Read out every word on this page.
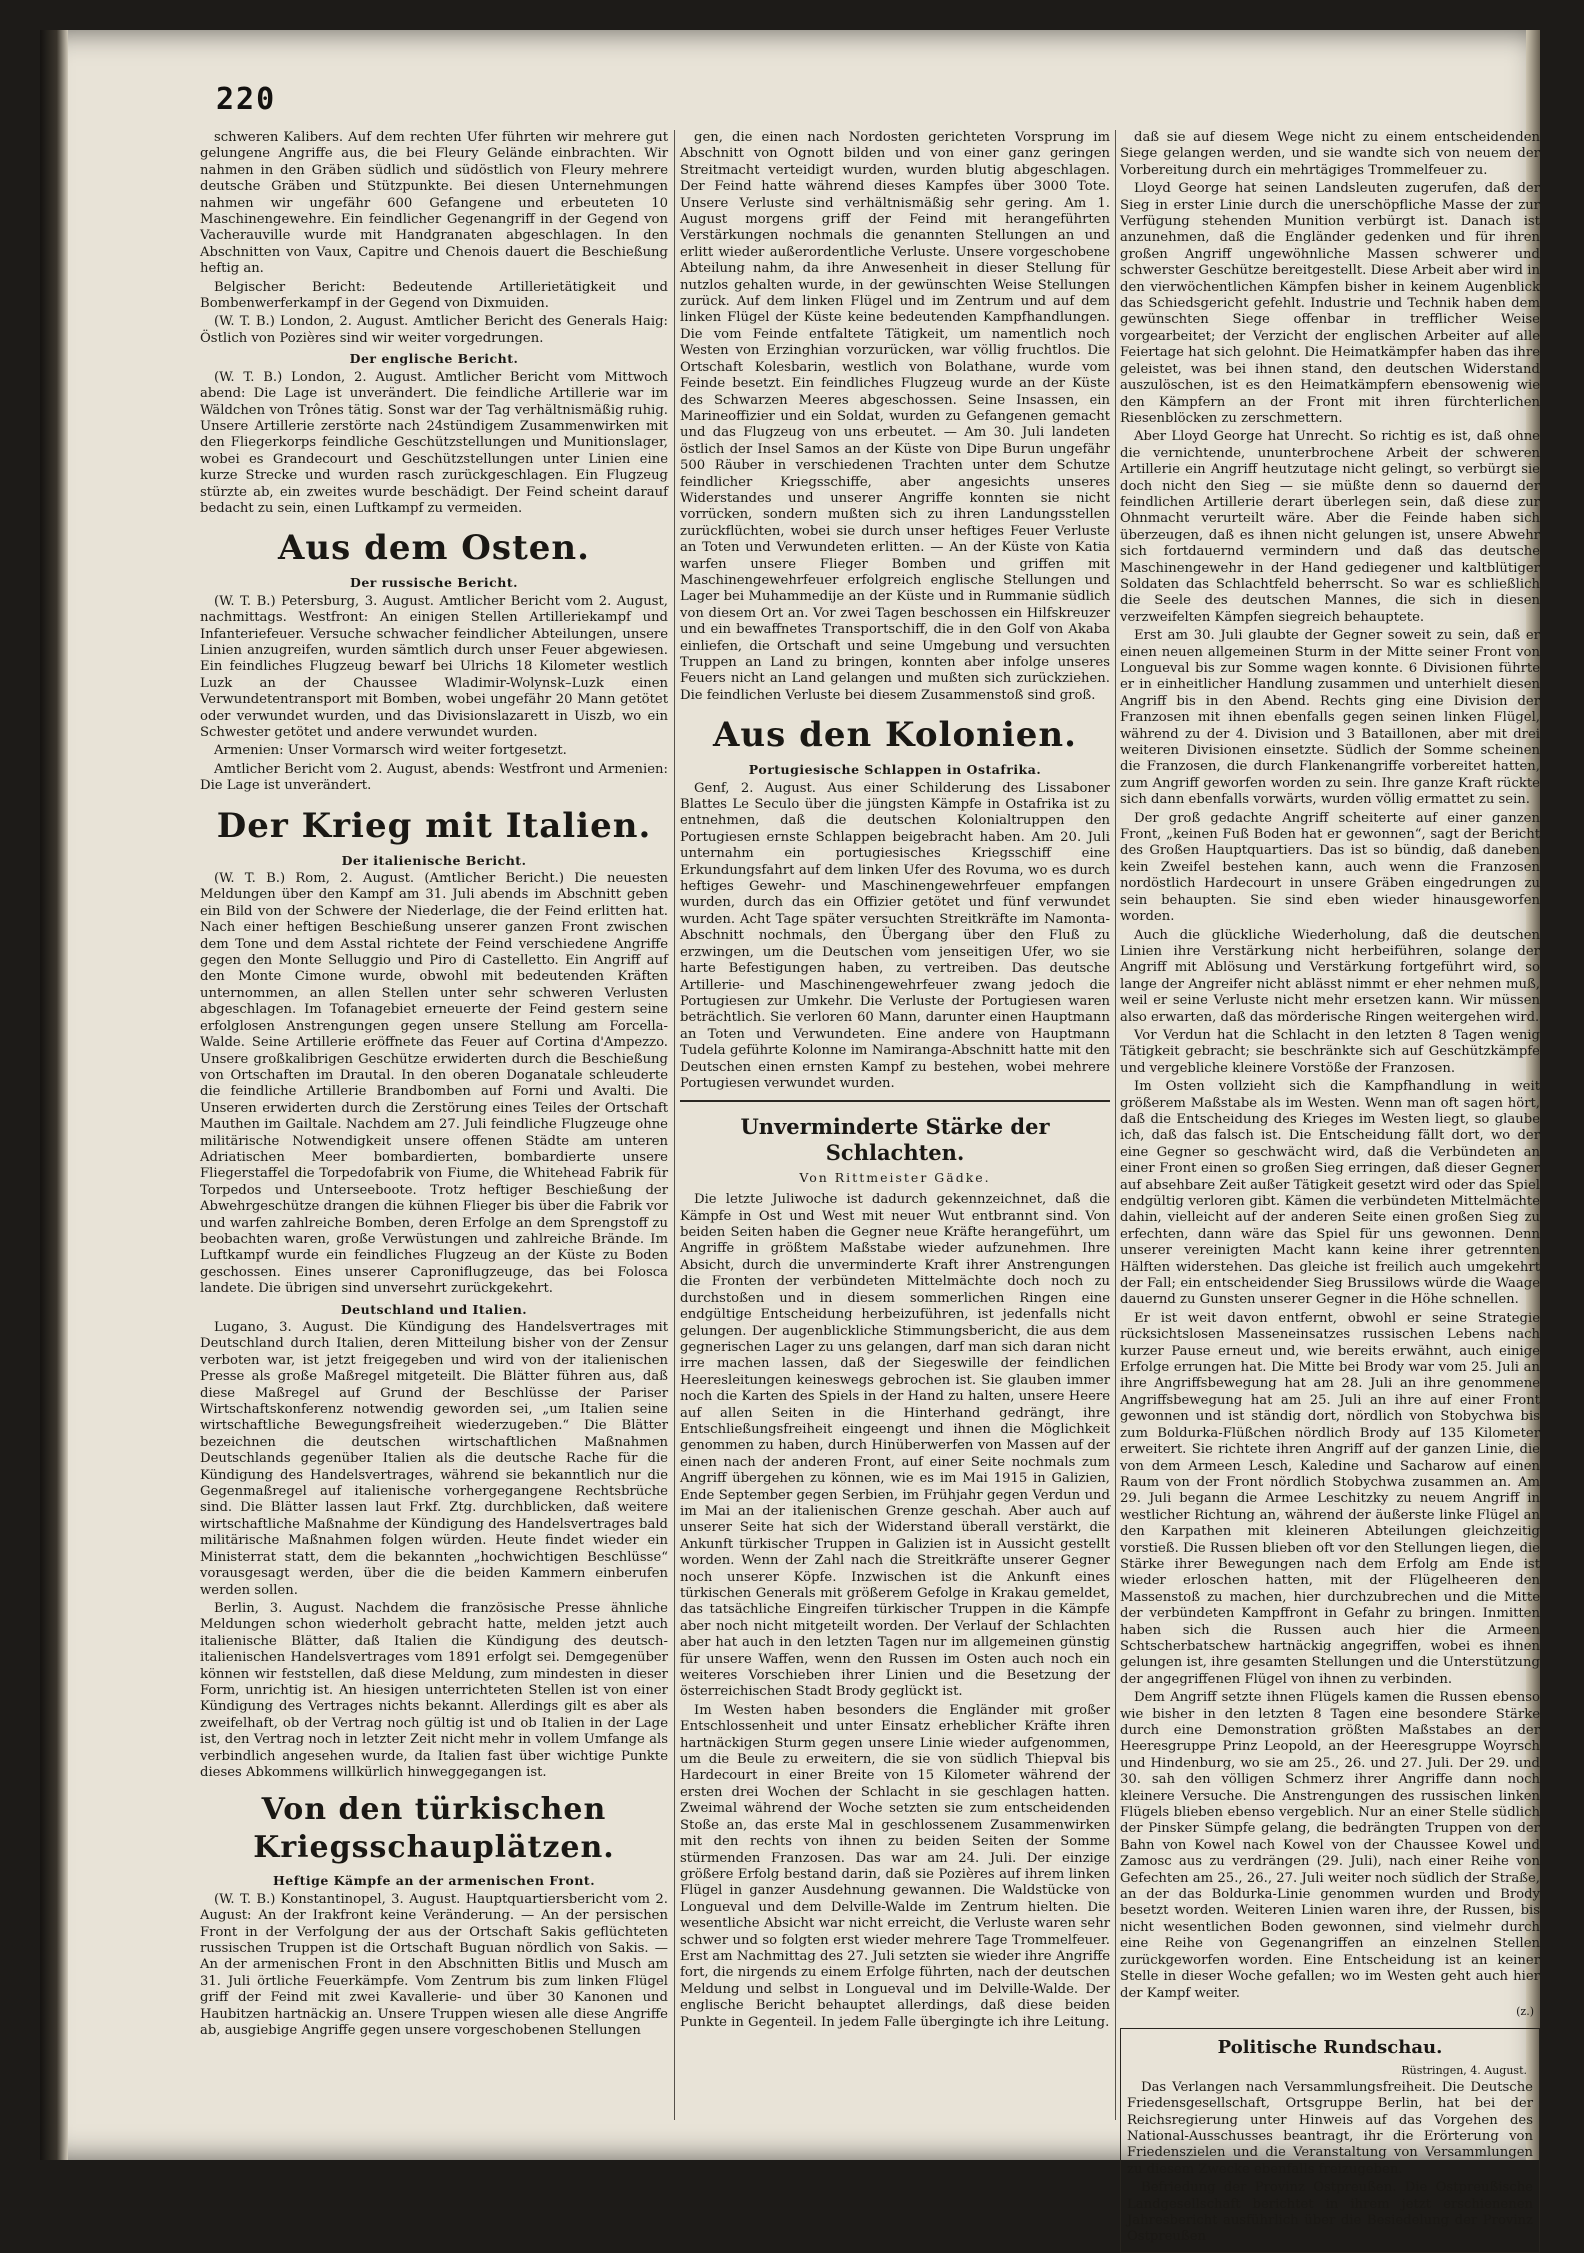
220

schweren Kalibers. Auf dem rechten Ufer führten wir mehrere gut gelungene Angriffe aus, die bei Fleury Gelände einbrachten. Wir nahmen in den Gräben südlich und südöstlich von Fleury mehrere deutsche Gräben und Stützpunkte. Bei diesen Unternehmungen nahmen wir ungefähr 600 Gefangene und erbeuteten 10 Maschinengewehre. Ein feindlicher Gegenangriff in der Gegend von Vacherauville wurde mit Handgranaten abgeschlagen. In den Abschnitten von Vaux, Capitre und Chenois dauert die Beschießung heftig an.

Belgischer Bericht: Bedeutende Artillerietätigkeit und Bombenwerferkampf in der Gegend von Dixmuiden.

(W. T. B.) London, 2. August. Amtlicher Bericht des Generals Haig: Östlich von Pozières sind wir weiter vorgedrungen.

Der englische Bericht.

(W. T. B.) London, 2. August. Amtlicher Bericht vom Mittwoch abend: Die Lage ist unverändert. Die feindliche Artillerie war im Wäldchen von Trônes tätig. Sonst war der Tag verhältnismäßig ruhig. Unsere Artillerie zerstörte nach 24stündigem Zusammenwirken mit den Fliegerkorps feindliche Geschützstellungen und Munitionslager, wobei es Grandecourt und Geschützstellungen unter Linien eine kurze Strecke und wurden rasch zurückgeschlagen. Ein Flugzeug stürzte ab, ein zweites wurde beschädigt. Der Feind scheint darauf bedacht zu sein, einen Luftkampf zu vermeiden.

Aus dem Osten.
Der russische Bericht.

(W. T. B.) Petersburg, 3. August. Amtlicher Bericht vom 2. August, nachmittags. Westfront: An einigen Stellen Artilleriekampf und Infanteriefeuer. Versuche schwacher feindlicher Abteilungen, unsere Linien anzugreifen, wurden sämtlich durch unser Feuer abgewiesen. Ein feindliches Flugzeug bewarf bei Ulrichs 18 Kilometer westlich Luzk an der Chaussee Wladimir-Wolynsk–Luzk einen Verwundetentransport mit Bomben, wobei ungefähr 20 Mann getötet oder verwundet wurden, und das Divisionslazarett in Uiszb, wo ein Schwester getötet und andere verwundet wurden.

Armenien: Unser Vormarsch wird weiter fortgesetzt.

Amtlicher Bericht vom 2. August, abends: Westfront und Armenien: Die Lage ist unverändert.

Der Krieg mit Italien.
Der italienische Bericht.

(W. T. B.) Rom, 2. August. (Amtlicher Bericht.) Die neuesten Meldungen über den Kampf am 31. Juli abends im Abschnitt geben ein Bild von der Schwere der Niederlage, die der Feind erlitten hat. Nach einer heftigen Beschießung unserer ganzen Front zwischen dem Tone und dem Asstal richtete der Feind verschiedene Angriffe gegen den Monte Selluggio und Piro di Castelletto. Ein Angriff auf den Monte Cimone wurde, obwohl mit bedeutenden Kräften unternommen, an allen Stellen unter sehr schweren Verlusten abgeschlagen. Im Tofanagebiet erneuerte der Feind gestern seine erfolglosen Anstrengungen gegen unsere Stellung am Forcella-Walde. Seine Artillerie eröffnete das Feuer auf Cortina d'Ampezzo. Unsere großkalibrigen Geschütze erwiderten durch die Beschießung von Ortschaften im Drautal. In den oberen Doganatale schleuderte die feindliche Artillerie Brandbomben auf Forni und Avalti. Die Unseren erwiderten durch die Zerstörung eines Teiles der Ortschaft Mauthen im Gailtale. Nachdem am 27. Juli feindliche Flugzeuge ohne militärische Notwendigkeit unsere offenen Städte am unteren Adriatischen Meer bombardierten, bombardierte unsere Fliegerstaffel die Torpedofabrik von Fiume, die Whitehead Fabrik für Torpedos und Unterseeboote. Trotz heftiger Beschießung der Abwehrgeschütze drangen die kühnen Flieger bis über die Fabrik vor und warfen zahlreiche Bomben, deren Erfolge an dem Sprengstoff zu beobachten waren, große Verwüstungen und zahlreiche Brände. Im Luftkampf wurde ein feindliches Flugzeug an der Küste zu Boden geschossen. Eines unserer Caproniflugzeuge, das bei Folosca landete. Die übrigen sind unversehrt zurückgekehrt.

Deutschland und Italien.

Lugano, 3. August. Die Kündigung des Handelsvertrages mit Deutschland durch Italien, deren Mitteilung bisher von der Zensur verboten war, ist jetzt freigegeben und wird von der italienischen Presse als große Maßregel mitgeteilt. Die Blätter führen aus, daß diese Maßregel auf Grund der Beschlüsse der Pariser Wirtschaftskonferenz notwendig geworden sei, „um Italien seine wirtschaftliche Bewegungsfreiheit wiederzugeben.“ Die Blätter bezeichnen die deutschen wirtschaftlichen Maßnahmen Deutschlands gegenüber Italien als die deutsche Rache für die Kündigung des Handelsvertrages, während sie bekanntlich nur die Gegenmaßregel auf italienische vorhergegangene Rechtsbrüche sind. Die Blätter lassen laut Frkf. Ztg. durchblicken, daß weitere wirtschaftliche Maßnahme der Kündigung des Handelsvertrages bald militärische Maßnahmen folgen würden. Heute findet wieder ein Ministerrat statt, dem die bekannten „hochwichtigen Beschlüsse“ vorausgesagt werden, über die die beiden Kammern einberufen werden sollen.

Berlin, 3. August. Nachdem die französische Presse ähnliche Meldungen schon wiederholt gebracht hatte, melden jetzt auch italienische Blätter, daß Italien die Kündigung des deutsch-italienischen Handelsvertrages vom 1891 erfolgt sei. Demgegenüber können wir feststellen, daß diese Meldung, zum mindesten in dieser Form, unrichtig ist. An hiesigen unterrichteten Stellen ist von einer Kündigung des Vertrages nichts bekannt. Allerdings gilt es aber als zweifelhaft, ob der Vertrag noch gültig ist und ob Italien in der Lage ist, den Vertrag noch in letzter Zeit nicht mehr in vollem Umfange als verbindlich angesehen wurde, da Italien fast über wichtige Punkte dieses Abkommens willkürlich hinweggegangen ist.

Von den türkischen Kriegsschauplätzen.
Heftige Kämpfe an der armenischen Front.

(W. T. B.) Konstantinopel, 3. August. Hauptquartiersbericht vom 2. August: An der Irakfront keine Veränderung. — An der persischen Front in der Verfolgung der aus der Ortschaft Sakis geflüchteten russischen Truppen ist die Ortschaft Buguan nördlich von Sakis. — An der armenischen Front in den Abschnitten Bitlis und Musch am 31. Juli örtliche Feuerkämpfe. Vom Zentrum bis zum linken Flügel griff der Feind mit zwei Kavallerie- und über 30 Kanonen und Haubitzen hartnäckig an. Unsere Truppen wiesen alle diese Angriffe ab, ausgiebige Angriffe gegen unsere vorgeschobenen Stellungen

gen, die einen nach Nordosten gerichteten Vorsprung im Abschnitt von Ognott bilden und von einer ganz geringen Streitmacht verteidigt wurden, wurden blutig abgeschlagen. Der Feind hatte während dieses Kampfes über 3000 Tote. Unsere Verluste sind verhältnismäßig sehr gering. Am 1. August morgens griff der Feind mit herangeführten Verstärkungen nochmals die genannten Stellungen an und erlitt wieder außerordentliche Verluste. Unsere vorgeschobene Abteilung nahm, da ihre Anwesenheit in dieser Stellung für nutzlos gehalten wurde, in der gewünschten Weise Stellungen zurück. Auf dem linken Flügel und im Zentrum und auf dem linken Flügel der Küste keine bedeutenden Kampfhandlungen. Die vom Feinde entfaltete Tätigkeit, um namentlich noch Westen von Erzinghian vorzurücken, war völlig fruchtlos. Die Ortschaft Kolesbarin, westlich von Bolathane, wurde vom Feinde besetzt. Ein feindliches Flugzeug wurde an der Küste des Schwarzen Meeres abgeschossen. Seine Insassen, ein Marineoffizier und ein Soldat, wurden zu Gefangenen gemacht und das Flugzeug von uns erbeutet. — Am 30. Juli landeten östlich der Insel Samos an der Küste von Dipe Burun ungefähr 500 Räuber in verschiedenen Trachten unter dem Schutze feindlicher Kriegsschiffe, aber angesichts unseres Widerstandes und unserer Angriffe konnten sie nicht vorrücken, sondern mußten sich zu ihren Landungsstellen zurückflüchten, wobei sie durch unser heftiges Feuer Verluste an Toten und Verwundeten erlitten. — An der Küste von Katia warfen unsere Flieger Bomben und griffen mit Maschinengewehrfeuer erfolgreich englische Stellungen und Lager bei Muhammedije an der Küste und in Rummanie südlich von diesem Ort an. Vor zwei Tagen beschossen ein Hilfskreuzer und ein bewaffnetes Transportschiff, die in den Golf von Akaba einliefen, die Ortschaft und seine Umgebung und versuchten Truppen an Land zu bringen, konnten aber infolge unseres Feuers nicht an Land gelangen und mußten sich zurückziehen. Die feindlichen Verluste bei diesem Zusammenstoß sind groß.

Aus den Kolonien.
Portugiesische Schlappen in Ostafrika.

Genf, 2. August. Aus einer Schilderung des Lissaboner Blattes Le Seculo über die jüngsten Kämpfe in Ostafrika ist zu entnehmen, daß die deutschen Kolonialtruppen den Portugiesen ernste Schlappen beigebracht haben. Am 20. Juli unternahm ein portugiesisches Kriegsschiff eine Erkundungsfahrt auf dem linken Ufer des Rovuma, wo es durch heftiges Gewehr- und Maschinengewehrfeuer empfangen wurden, durch das ein Offizier getötet und fünf verwundet wurden. Acht Tage später versuchten Streitkräfte im Namonta-Abschnitt nochmals, den Übergang über den Fluß zu erzwingen, um die Deutschen vom jenseitigen Ufer, wo sie harte Befestigungen haben, zu vertreiben. Das deutsche Artillerie- und Maschinengewehrfeuer zwang jedoch die Portugiesen zur Umkehr. Die Verluste der Portugiesen waren beträchtlich. Sie verloren 60 Mann, darunter einen Hauptmann an Toten und Verwundeten. Eine andere von Hauptmann Tudela geführte Kolonne im Namiranga-Abschnitt hatte mit den Deutschen einen ernsten Kampf zu bestehen, wobei mehrere Portugiesen verwundet wurden.

Unverminderte Stärke der Schlachten.
Von Rittmeister Gädke.

Die letzte Juliwoche ist dadurch gekennzeichnet, daß die Kämpfe in Ost und West mit neuer Wut entbrannt sind. Von beiden Seiten haben die Gegner neue Kräfte herangeführt, um Angriffe in größtem Maßstabe wieder aufzunehmen. Ihre Absicht, durch die unverminderte Kraft ihrer Anstrengungen die Fronten der verbündeten Mittelmächte doch noch zu durchstoßen und in diesem sommerlichen Ringen eine endgültige Entscheidung herbeizuführen, ist jedenfalls nicht gelungen. Der augenblickliche Stimmungsbericht, die aus dem gegnerischen Lager zu uns gelangen, darf man sich daran nicht irre machen lassen, daß der Siegeswille der feindlichen Heeresleitungen keineswegs gebrochen ist. Sie glauben immer noch die Karten des Spiels in der Hand zu halten, unsere Heere auf allen Seiten in die Hinterhand gedrängt, ihre Entschließungsfreiheit eingeengt und ihnen die Möglichkeit genommen zu haben, durch Hinüberwerfen von Massen auf der einen nach der anderen Front, auf einer Seite nochmals zum Angriff übergehen zu können, wie es im Mai 1915 in Galizien, Ende September gegen Serbien, im Frühjahr gegen Verdun und im Mai an der italienischen Grenze geschah. Aber auch auf unserer Seite hat sich der Widerstand überall verstärkt, die Ankunft türkischer Truppen in Galizien ist in Aussicht gestellt worden. Wenn der Zahl nach die Streitkräfte unserer Gegner noch unserer Köpfe. Inzwischen ist die Ankunft eines türkischen Generals mit größerem Gefolge in Krakau gemeldet, das tatsächliche Eingreifen türkischer Truppen in die Kämpfe aber noch nicht mitgeteilt worden. Der Verlauf der Schlachten aber hat auch in den letzten Tagen nur im allgemeinen günstig für unsere Waffen, wenn den Russen im Osten auch noch ein weiteres Vorschieben ihrer Linien und die Besetzung der österreichischen Stadt Brody geglückt ist.

Im Westen haben besonders die Engländer mit großer Entschlossenheit und unter Einsatz erheblicher Kräfte ihren hartnäckigen Sturm gegen unsere Linie wieder aufgenommen, um die Beule zu erweitern, die sie von südlich Thiepval bis Hardecourt in einer Breite von 15 Kilometer während der ersten drei Wochen der Schlacht in sie geschlagen hatten. Zweimal während der Woche setzten sie zum entscheidenden Stoße an, das erste Mal in geschlossenem Zusammenwirken mit den rechts von ihnen zu beiden Seiten der Somme stürmenden Franzosen. Das war am 24. Juli. Der einzige größere Erfolg bestand darin, daß sie Pozières auf ihrem linken Flügel in ganzer Ausdehnung gewannen. Die Waldstücke von Longueval und dem Delville-Walde im Zentrum hielten. Die wesentliche Absicht war nicht erreicht, die Verluste waren sehr schwer und so folgten erst wieder mehrere Tage Trommelfeuer. Erst am Nachmittag des 27. Juli setzten sie wieder ihre Angriffe fort, die nirgends zu einem Erfolge führten, nach der deutschen Meldung und selbst in Longueval und im Delville-Walde. Der englische Bericht behauptet allerdings, daß diese beiden Punkte in Gegenteil. In jedem Falle übergingte ich ihre Leitung.

daß sie auf diesem Wege nicht zu einem entscheidenden Siege gelangen werden, und sie wandte sich von neuem der Vorbereitung durch ein mehrtägiges Trommelfeuer zu.

Lloyd George hat seinen Landsleuten zugerufen, daß der Sieg in erster Linie durch die unerschöpfliche Masse der zur Verfügung stehenden Munition verbürgt ist. Danach ist anzunehmen, daß die Engländer gedenken und für ihren großen Angriff ungewöhnliche Massen schwerer und schwerster Geschütze bereitgestellt. Diese Arbeit aber wird in den vierwöchentlichen Kämpfen bisher in keinem Augenblick das Schiedsgericht gefehlt. Industrie und Technik haben dem gewünschten Siege offenbar in trefflicher Weise vorgearbeitet; der Verzicht der englischen Arbeiter auf alle Feiertage hat sich gelohnt. Die Heimatkämpfer haben das ihre geleistet, was bei ihnen stand, den deutschen Widerstand auszulöschen, ist es den Heimatkämpfern ebensowenig wie den Kämpfern an der Front mit ihren fürchterlichen Riesenblöcken zu zerschmettern.

Aber Lloyd George hat Unrecht. So richtig es ist, daß ohne die vernichtende, ununterbrochene Arbeit der schweren Artillerie ein Angriff heutzutage nicht gelingt, so verbürgt sie doch nicht den Sieg — sie müßte denn so dauernd der feindlichen Artillerie derart überlegen sein, daß diese zur Ohnmacht verurteilt wäre. Aber die Feinde haben sich überzeugen, daß es ihnen nicht gelungen ist, unsere Abwehr sich fortdauernd vermindern und daß das deutsche Maschinengewehr in der Hand gediegener und kaltblütiger Soldaten das Schlachtfeld beherrscht. So war es schließlich die Seele des deutschen Mannes, die sich in diesen verzweifelten Kämpfen siegreich behauptete.

Erst am 30. Juli glaubte der Gegner soweit zu sein, daß er einen neuen allgemeinen Sturm in der Mitte seiner Front von Longueval bis zur Somme wagen konnte. 6 Divisionen führte er in einheitlicher Handlung zusammen und unterhielt diesen Angriff bis in den Abend. Rechts ging eine Division der Franzosen mit ihnen ebenfalls gegen seinen linken Flügel, während zu der 4. Division und 3 Bataillonen, aber mit drei weiteren Divisionen einsetzte. Südlich der Somme scheinen die Franzosen, die durch Flankenangriffe vorbereitet hatten, zum Angriff geworfen worden zu sein. Ihre ganze Kraft rückte sich dann ebenfalls vorwärts, wurden völlig ermattet zu sein.

Der groß gedachte Angriff scheiterte auf einer ganzen Front, „keinen Fuß Boden hat er gewonnen“, sagt der Bericht des Großen Hauptquartiers. Das ist so bündig, daß daneben kein Zweifel bestehen kann, auch wenn die Franzosen nordöstlich Hardecourt in unsere Gräben eingedrungen zu sein behaupten. Sie sind eben wieder hinausgeworfen worden.

Auch die glückliche Wiederholung, daß die deutschen Linien ihre Verstärkung nicht herbeiführen, solange der Angriff mit Ablösung und Verstärkung fortgeführt wird, so lange der Angreifer nicht ablässt nimmt er eher nehmen muß, weil er seine Verluste nicht mehr ersetzen kann. Wir müssen also erwarten, daß das mörderische Ringen weitergehen wird.

Vor Verdun hat die Schlacht in den letzten 8 Tagen wenig Tätigkeit gebracht; sie beschränkte sich auf Geschützkämpfe und vergebliche kleinere Vorstöße der Franzosen.

Im Osten vollzieht sich die Kampfhandlung in weit größerem Maßstabe als im Westen. Wenn man oft sagen hört, daß die Entscheidung des Krieges im Westen liegt, so glaube ich, daß das falsch ist. Die Entscheidung fällt dort, wo der eine Gegner so geschwächt wird, daß die Verbündeten an einer Front einen so großen Sieg erringen, daß dieser Gegner auf absehbare Zeit außer Tätigkeit gesetzt wird oder das Spiel endgültig verloren gibt. Kämen die verbündeten Mittelmächte dahin, vielleicht auf der anderen Seite einen großen Sieg zu erfechten, dann wäre das Spiel für uns gewonnen. Denn unserer vereinigten Macht kann keine ihrer getrennten Hälften widerstehen. Das gleiche ist freilich auch umgekehrt der Fall; ein entscheidender Sieg Brussilows würde die Waage dauernd zu Gunsten unserer Gegner in die Höhe schnellen.

Er ist weit davon entfernt, obwohl er seine Strategie rücksichtslosen Masseneinsatzes russischen Lebens nach kurzer Pause erneut und, wie bereits erwähnt, auch einige Erfolge errungen hat. Die Mitte bei Brody war vom 25. Juli an ihre Angriffsbewegung hat am 28. Juli an ihre genommene Angriffsbewegung hat am 25. Juli an ihre auf einer Front gewonnen und ist ständig dort, nördlich von Stobychwa bis zum Boldurka-Flüßchen nördlich Brody auf 135 Kilometer erweitert. Sie richtete ihren Angriff auf der ganzen Linie, die von dem Armeen Lesch, Kaledine und Sacharow auf einen Raum von der Front nördlich Stobychwa zusammen an. Am 29. Juli begann die Armee Leschitzky zu neuem Angriff in westlicher Richtung an, während der äußerste linke Flügel an den Karpathen mit kleineren Abteilungen gleichzeitig vorstieß. Die Russen blieben oft vor den Stellungen liegen, die Stärke ihrer Bewegungen nach dem Erfolg am Ende ist wieder erloschen hatten, mit der Flügelheeren den Massenstoß zu machen, hier durchzubrechen und die Mitte der verbündeten Kampffront in Gefahr zu bringen. Inmitten haben sich die Russen auch hier die Armeen Schtscherbatschew hartnäckig angegriffen, wobei es ihnen gelungen ist, ihre gesamten Stellungen und die Unterstützung der angegriffenen Flügel von ihnen zu verbinden.

Dem Angriff setzte ihnen Flügels kamen die Russen ebenso wie bisher in den letzten 8 Tagen eine besondere Stärke durch eine Demonstration größten Maßstabes an der Heeresgruppe Prinz Leopold, an der Heeresgruppe Woyrsch und Hindenburg, wo sie am 25., 26. und 27. Juli. Der 29. und 30. sah den völligen Schmerz ihrer Angriffe dann noch kleinere Versuche. Die Anstrengungen des russischen linken Flügels blieben ebenso vergeblich. Nur an einer Stelle südlich der Pinsker Sümpfe gelang, die bedrängten Truppen von der Bahn von Kowel nach Kowel von der Chaussee Kowel und Zamosc aus zu verdrängen (29. Juli), nach einer Reihe von Gefechten am 25., 26., 27. Juli weiter noch südlich der Straße, an der das Boldurka-Linie genommen wurden und Brody besetzt worden. Weiteren Linien waren ihre, der Russen, bis nicht wesentlichen Boden gewonnen, sind vielmehr durch eine Reihe von Gegenangriffen an einzelnen Stellen zurückgeworfen worden. Eine Entscheidung ist an keiner Stelle in dieser Woche gefallen; wo im Westen geht auch hier der Kampf weiter.

(z.)
Politische Rundschau.
Rüstringen, 4. August.

Das Verlangen nach Versammlungsfreiheit. Die Deutsche Friedensgesellschaft, Ortsgruppe Berlin, hat bei der Reichsregierung unter Hinweis auf das Vorgehen des National-Ausschusses beantragt, ihr die Erörterung von Friedenszielen und die Veranstaltung von Versammlungen zu diesem Zwecke ebenfalls freizugeben.

Befriedung der Provinz Ostpreußen. Die Ostpreußische Landgesellschaft berichtet in ihrem jetzt erschienenen Jahresbericht ausführlich über die Besiedelung der Provinz Ostpreußen
